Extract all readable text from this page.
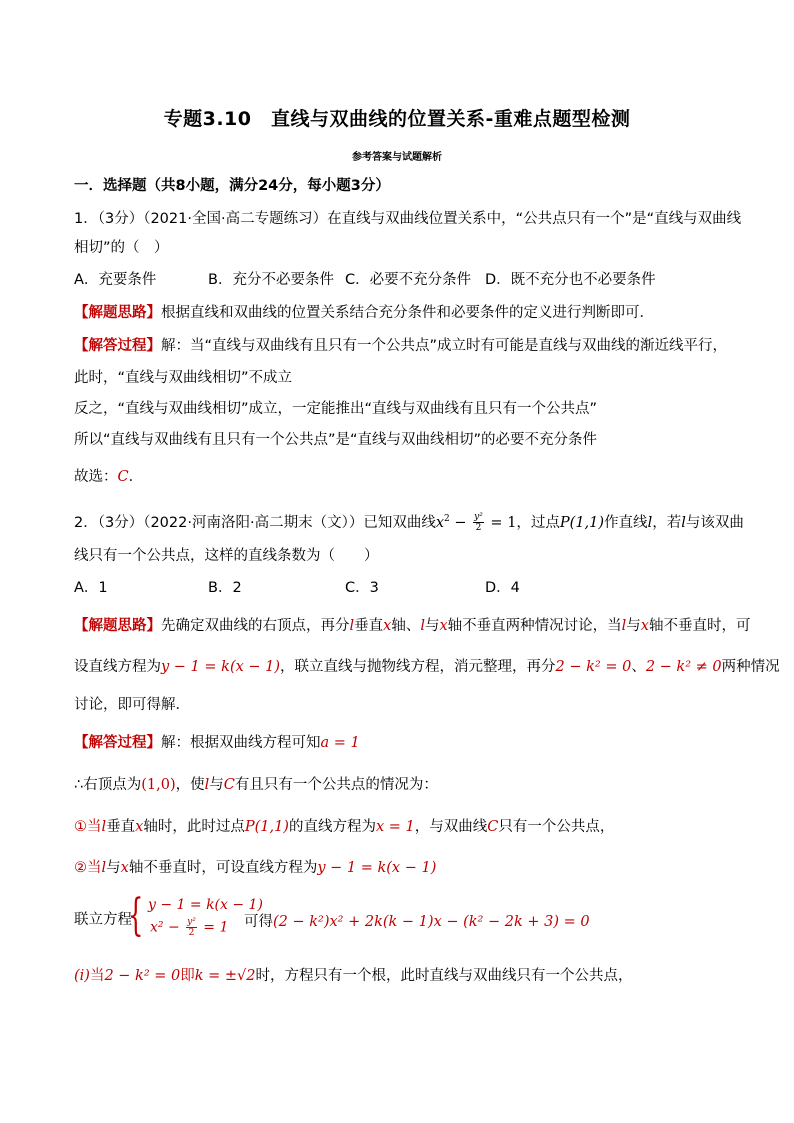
专题3.10　直线与双曲线的位置关系-重难点题型检测
参考答案与试题解析
一．选择题（共8小题，满分24分，每小题3分）
1．（3分）（2021·全国·高二专题练习）在直线与双曲线位置关系中，“公共点只有一个”是“直线与双曲线
相切”的（　）
A．充要条件	B．充分不必要条件 C．必要不充分条件 D．既不充分也不必要条件
【解题思路】根据直线和双曲线的位置关系结合充分条件和必要条件的定义进行判断即可．
【解答过程】解：当“直线与双曲线有且只有一个公共点”成立时有可能是直线与双曲线的渐近线平行，
此时，“直线与双曲线相切”不成立
反之，“直线与双曲线相切”成立，一定能推出“直线与双曲线有且只有一个公共点”
所以“直线与双曲线有且只有一个公共点”是“直线与双曲线相切”的必要不充分条件
故选：C．
2．（3分）（2022·河南洛阳·高二期末（文））已知双曲线$x^2 - \frac{\text{y²}}{2} = 1$，过点P(1,1)作直线l，若l与该双曲
线只有一个公共点，这样的直线条数为（　　）
A．1	B．2	C．3	D．4
【解题思路】先确定双曲线的右顶点，再分l垂直x轴、l与x轴不垂直两种情况讨论，当l与x轴不垂直时，可
设直线方程为y − 1 = k(x − 1)，联立直线与抛物线方程，消元整理，再分2 − k² = 0、2 − k² ≠ 0两种情况
讨论，即可得解．
【解答过程】解：根据双曲线方程可知a = 1
∴右顶点为(1,0)，使l与C有且只有一个公共点的情况为：
①当l垂直x轴时，此时过点P(1,1)的直线方程为x = 1，与双曲线C只有一个公共点，
②当l与x轴不垂直时，可设直线方程为y − 1 = k(x − 1)
联立方程
{ y − 1 = k(x − 1)
$x^2 - \frac{\text{y²}}{2} = 1$ 可得(2 − k²)x² + 2k(k − 1)x − (k² − 2k + 3) = 0
(i)当2 − k² = 0即k = ±√2时，方程只有一个根，此时直线与双曲线只有一个公共点，
